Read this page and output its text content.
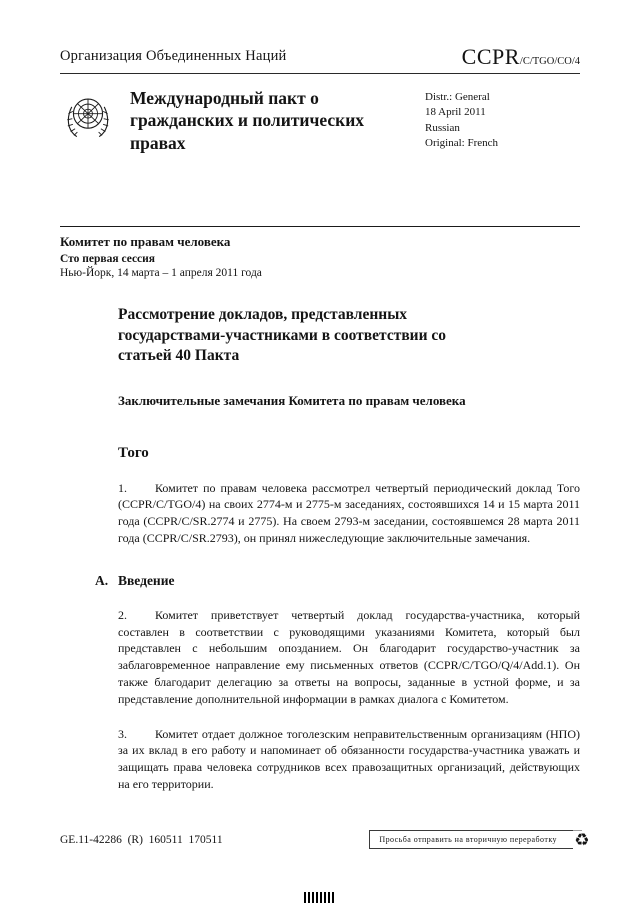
Организация Объединенных Наций	CCPR/C/TGO/CO/4
Международный пакт о гражданских и политических правах
Distr.: General
18 April 2011
Russian
Original: French
Комитет по правам человека
Сто первая сессия
Нью-Йорк, 14 марта – 1 апреля 2011 года
Рассмотрение докладов, представленных государствами-участниками в соответствии со статьей 40 Пакта
Заключительные замечания Комитета по правам человека
Того

1. Комитет по правам человека рассмотрел четвертый периодический доклад Того (CCPR/C/TGO/4) на своих 2774-м и 2775-м заседаниях, состоявшихся 14 и 15 марта 2011 года (CCPR/C/SR.2774 и 2775). На своем 2793-м заседании, состоявшемся 28 марта 2011 года (CCPR/C/SR.2793), он принял нижеследующие заключительные замечания.

A. Введение

2. Комитет приветствует четвертый доклад государства-участника, который составлен в соответствии с руководящими указаниями Комитета, который был представлен с небольшим опозданием. Он благодарит государство-участник за заблаговременное направление ему письменных ответов (CCPR/C/TGO/Q/4/Add.1). Он также благодарит делегацию за ответы на вопросы, заданные в устной форме, и за представление дополнительной информации в рамках диалога с Комитетом.

3. Комитет отдает должное тоголезским неправительственным организациям (НПО) за их вклад в его работу и напоминает об обязанности государства-участника уважать и защищать права человека сотрудников всех правозащитных организаций, действующих на его территории.

GE.11-42286  (R)  160511  170511	Просьба отправить на вторичную переработку ♻
